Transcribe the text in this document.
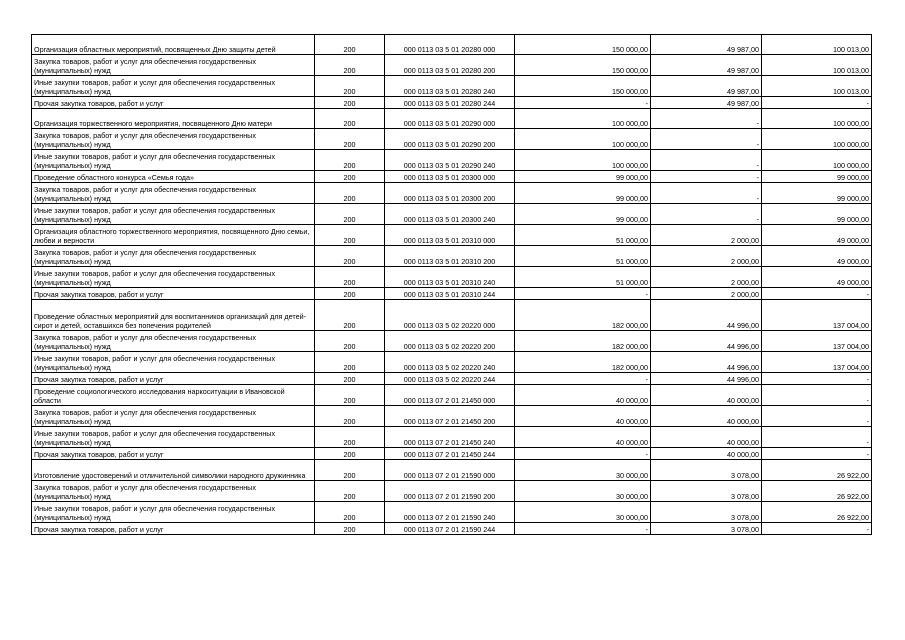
Организация областных мероприятий, посвященных Дню защиты детей	200	000 0113 03 5 01 20280 000	150 000,00	49 987,00	100 013,00
Закупка товаров, работ и услуг для обеспечения государственных (муниципальных) нужд	200	000 0113 03 5 01 20280 200	150 000,00	49 987,00	100 013,00
Иные закупки товаров, работ и услуг для обеспечения государственных (муниципальных) нужд	200	000 0113 03 5 01 20280 240	150 000,00	49 987,00	100 013,00
Прочая закупка товаров, работ и услуг	200	000 0113 03 5 01 20280 244	-	49 987,00	-
Организация торжественного мероприятия, посвященного Дню матери	200	000 0113 03 5 01 20290 000	100 000,00	-	100 000,00
Закупка товаров, работ и услуг для обеспечения государственных (муниципальных) нужд	200	000 0113 03 5 01 20290 200	100 000,00	-	100 000,00
Иные закупки товаров, работ и услуг для обеспечения государственных (муниципальных) нужд	200	000 0113 03 5 01 20290 240	100 000,00	-	100 000,00
Проведение областного конкурса «Семья года»	200	000 0113 03 5 01 20300 000	99 000,00	-	99 000,00
Закупка товаров, работ и услуг для обеспечения государственных (муниципальных) нужд	200	000 0113 03 5 01 20300 200	99 000,00	-	99 000,00
Иные закупки товаров, работ и услуг для обеспечения государственных (муниципальных) нужд	200	000 0113 03 5 01 20300 240	99 000,00	-	99 000,00
Организация областного торжественного мероприятия, посвященного Дню семьи, любви и верности	200	000 0113 03 5 01 20310 000	51 000,00	2 000,00	49 000,00
Закупка товаров, работ и услуг для обеспечения государственных (муниципальных) нужд	200	000 0113 03 5 01 20310 200	51 000,00	2 000,00	49 000,00
Иные закупки товаров, работ и услуг для обеспечения государственных (муниципальных) нужд	200	000 0113 03 5 01 20310 240	51 000,00	2 000,00	49 000,00
Прочая закупка товаров, работ и услуг	200	000 0113 03 5 01 20310 244	-	2 000,00	-
Проведение областных мероприятий для воспитанников организаций для детей-сирот и детей, оставшихся без попечения родителей	200	000 0113 03 5 02 20220 000	182 000,00	44 996,00	137 004,00
Закупка товаров, работ и услуг для обеспечения государственных (муниципальных) нужд	200	000 0113 03 5 02 20220 200	182 000,00	44 996,00	137 004,00
Иные закупки товаров, работ и услуг для обеспечения государственных (муниципальных) нужд	200	000 0113 03 5 02 20220 240	182 000,00	44 996,00	137 004,00
Прочая закупка товаров, работ и услуг	200	000 0113 03 5 02 20220 244	-	44 996,00	-
Проведение социологического исследования наркоситуации в Ивановской области	200	000 0113 07 2 01 21450 000	40 000,00	40 000,00	-
Закупка товаров, работ и услуг для обеспечения государственных (муниципальных) нужд	200	000 0113 07 2 01 21450 200	40 000,00	40 000,00	-
Иные закупки товаров, работ и услуг для обеспечения государственных (муниципальных) нужд	200	000 0113 07 2 01 21450 240	40 000,00	40 000,00	-
Прочая закупка товаров, работ и услуг	200	000 0113 07 2 01 21450 244	-	40 000,00	-
Изготовление удостоверений и отличительной символики народного дружинника	200	000 0113 07 2 01 21590 000	30 000,00	3 078,00	26 922,00
Закупка товаров, работ и услуг для обеспечения государственных (муниципальных) нужд	200	000 0113 07 2 01 21590 200	30 000,00	3 078,00	26 922,00
Иные закупки товаров, работ и услуг для обеспечения государственных (муниципальных) нужд	200	000 0113 07 2 01 21590 240	30 000,00	3 078,00	26 922,00
Прочая закупка товаров, работ и услуг	200	000 0113 07 2 01 21590 244	-	3 078,00	-
